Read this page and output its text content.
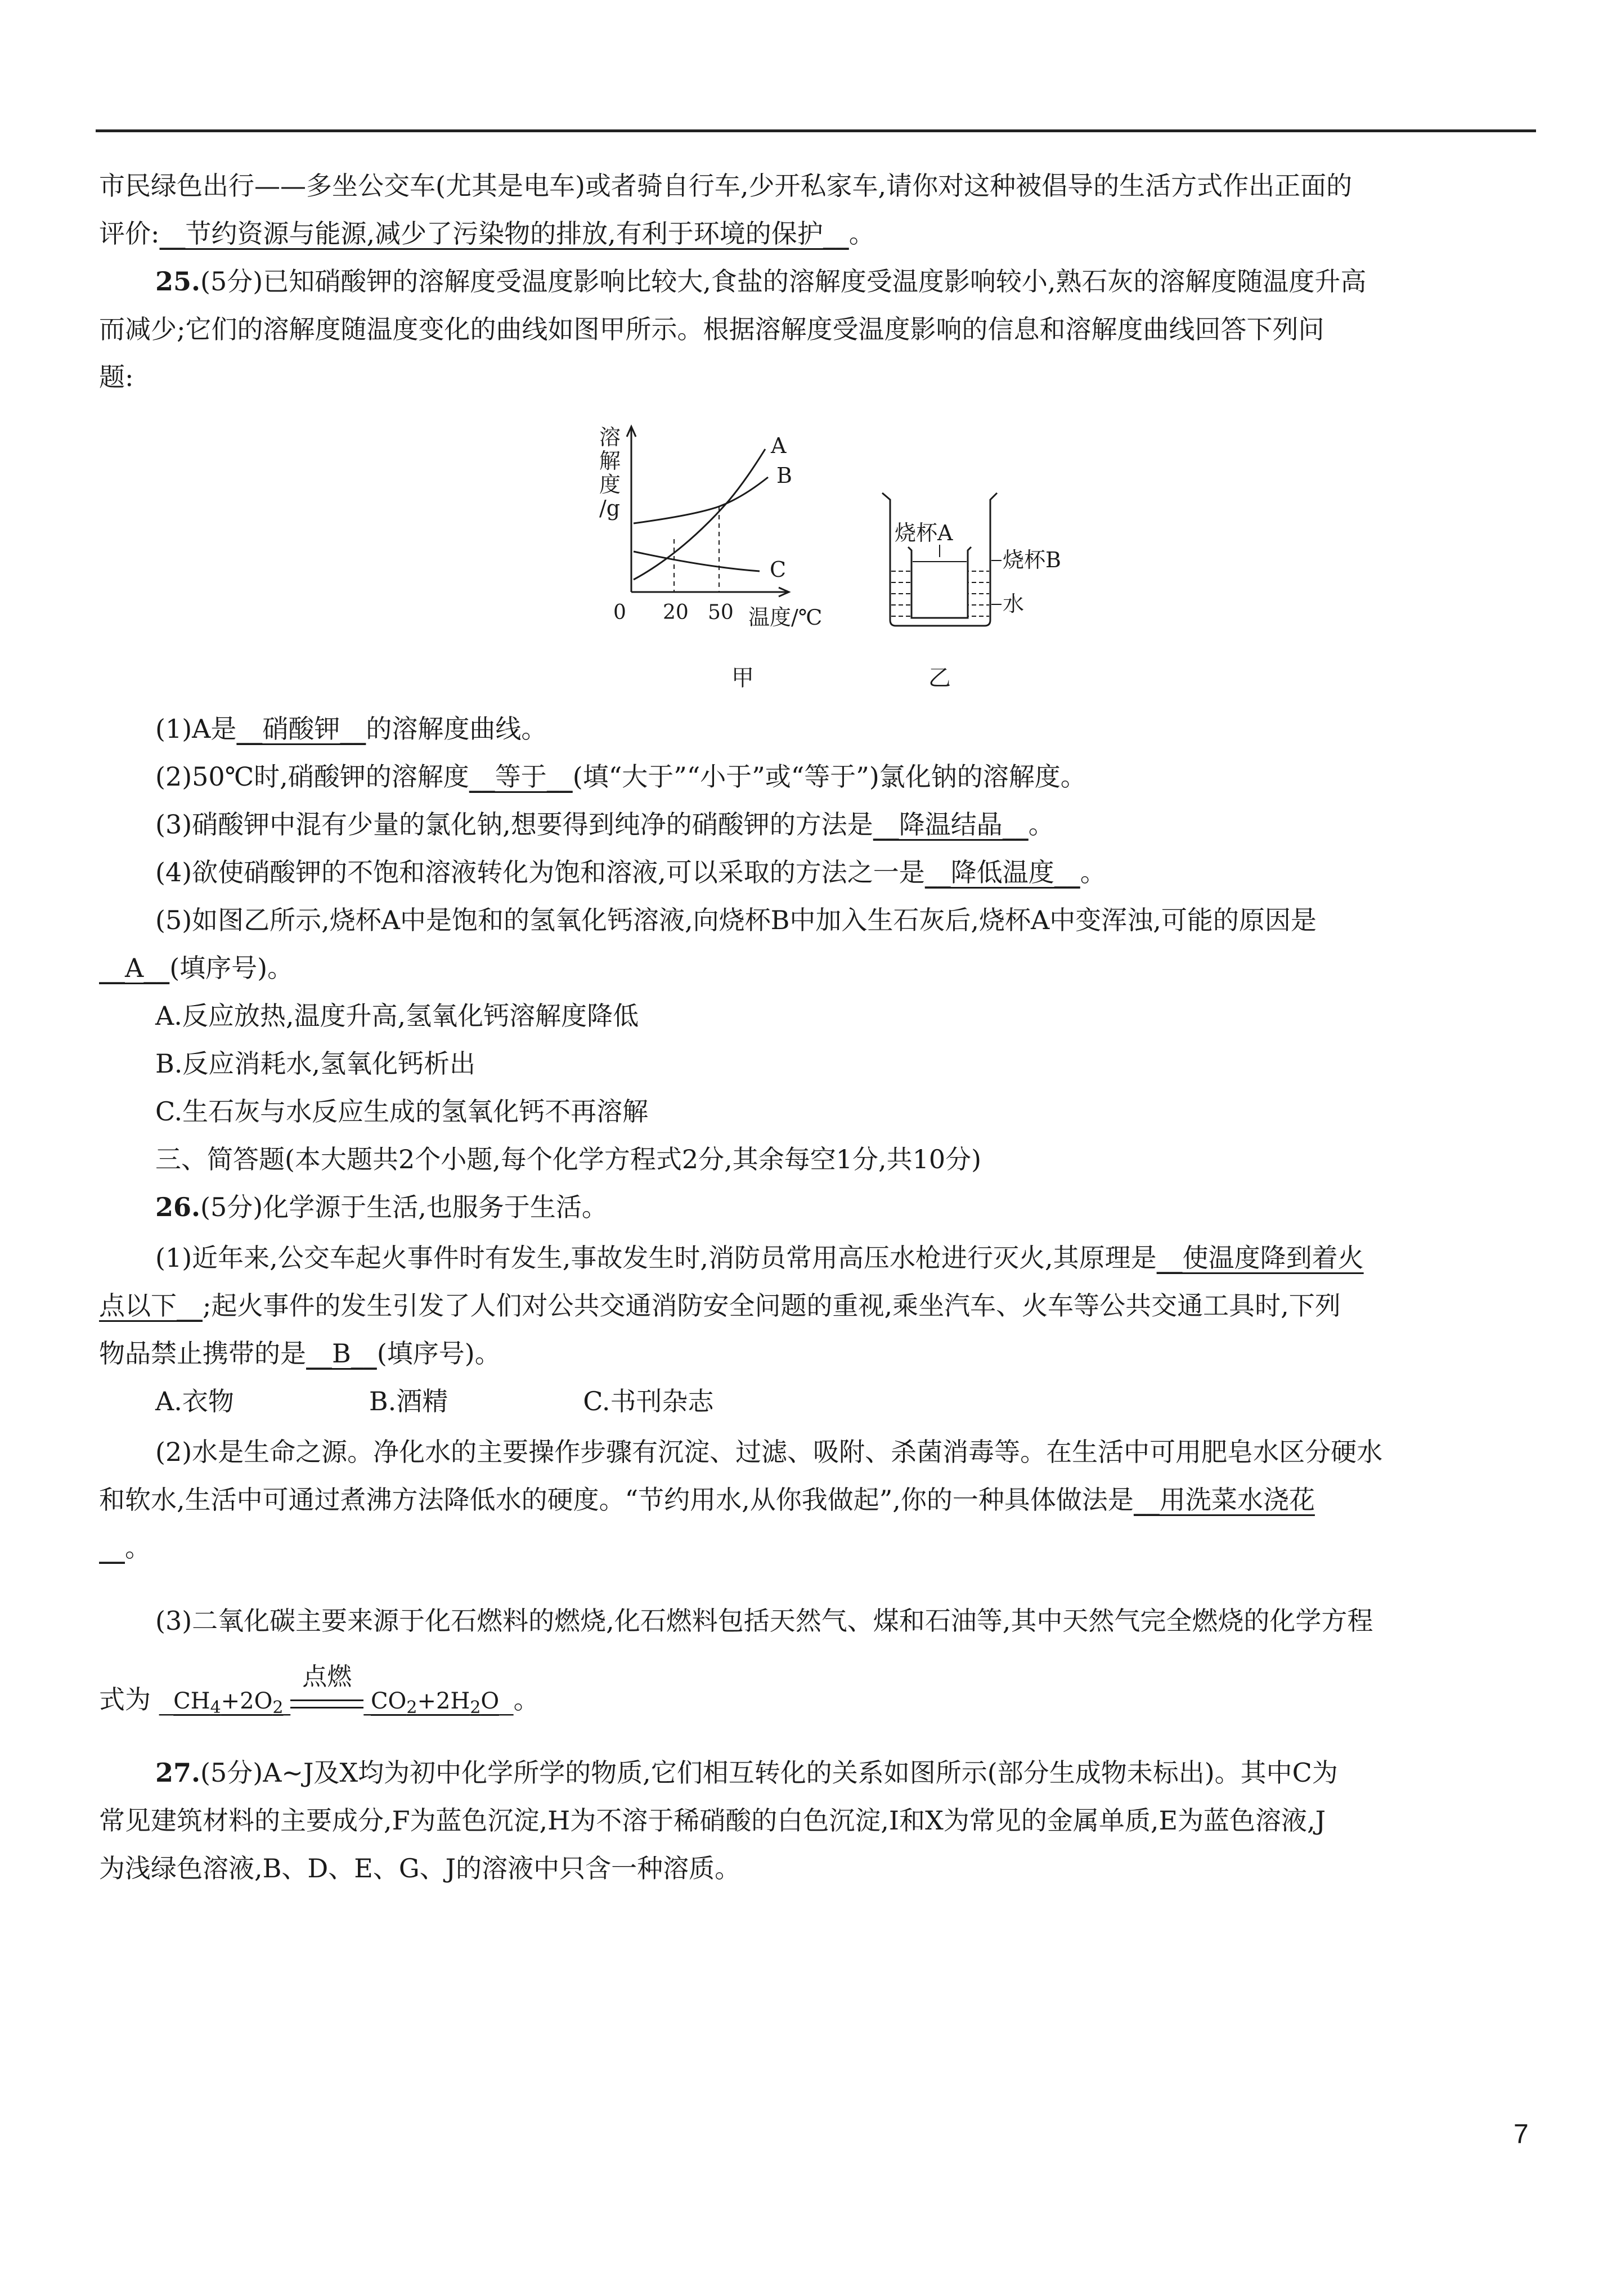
市民绿色出行——多坐公交车(尤其是电车)或者骑自行车,少开私家车,请你对这种被倡导的生活方式作出正面的
评价:__节约资源与能源,减少了污染物的排放,有利于环境的保护__。
25.(5分)已知硝酸钾的溶解度受温度影响比较大,食盐的溶解度受温度影响较小,熟石灰的溶解度随温度升高
而减少;它们的溶解度随温度变化的曲线如图甲所示。根据溶解度受温度影响的信息和溶解度曲线回答下列问
题:
溶
解
度
/g
A
B
C
0 20 50 温度/℃
甲
烧杯A
烧杯B
水
乙
(1)A是__硝酸钾__的溶解度曲线。
(2)50℃时,硝酸钾的溶解度__等于__(填“大于”“小于”或“等于”)氯化钠的溶解度。
(3)硝酸钾中混有少量的氯化钠,想要得到纯净的硝酸钾的方法是__降温结晶__。
(4)欲使硝酸钾的不饱和溶液转化为饱和溶液,可以采取的方法之一是__降低温度__。
(5)如图乙所示,烧杯A中是饱和的氢氧化钙溶液,向烧杯B中加入生石灰后,烧杯A中变浑浊,可能的原因是
__A__(填序号)。
A.反应放热,温度升高,氢氧化钙溶解度降低
B.反应消耗水,氢氧化钙析出
C.生石灰与水反应生成的氢氧化钙不再溶解
三、简答题(本大题共2个小题,每个化学方程式2分,其余每空1分,共10分)
26.(5分)化学源于生活,也服务于生活。
(1)近年来,公交车起火事件时有发生,事故发生时,消防员常用高压水枪进行灭火,其原理是__使温度降到着火
点以下__;起火事件的发生引发了人们对公共交通消防安全问题的重视,乘坐汽车、火车等公共交通工具时,下列
物品禁止携带的是__B__(填序号)。
A.衣物	B.酒精	C.书刊杂志
(2)水是生命之源。净化水的主要操作步骤有沉淀、过滤、吸附、杀菌消毒等。在生活中可用肥皂水区分硬水
和软水,生活中可通过煮沸方法降低水的硬度。“节约用水,从你我做起”,你的一种具体做法是__用洗菜水浇花
__。
(3)二氧化碳主要来源于化石燃料的燃烧,化石燃料包括天然气、煤和石油等,其中天然气完全燃烧的化学方程
式为 $CH_4+2O_2$
点燃
$CO_2+2H_2O$ 。
27.(5分)A~J及X均为初中化学所学的物质,它们相互转化的关系如图所示(部分生成物未标出)。其中C为
常见建筑材料的主要成分,F为蓝色沉淀,H为不溶于稀硝酸的白色沉淀,I和X为常见的金属单质,E为蓝色溶液,J
为浅绿色溶液,B、D、E、G、J的溶液中只含一种溶质。
7
